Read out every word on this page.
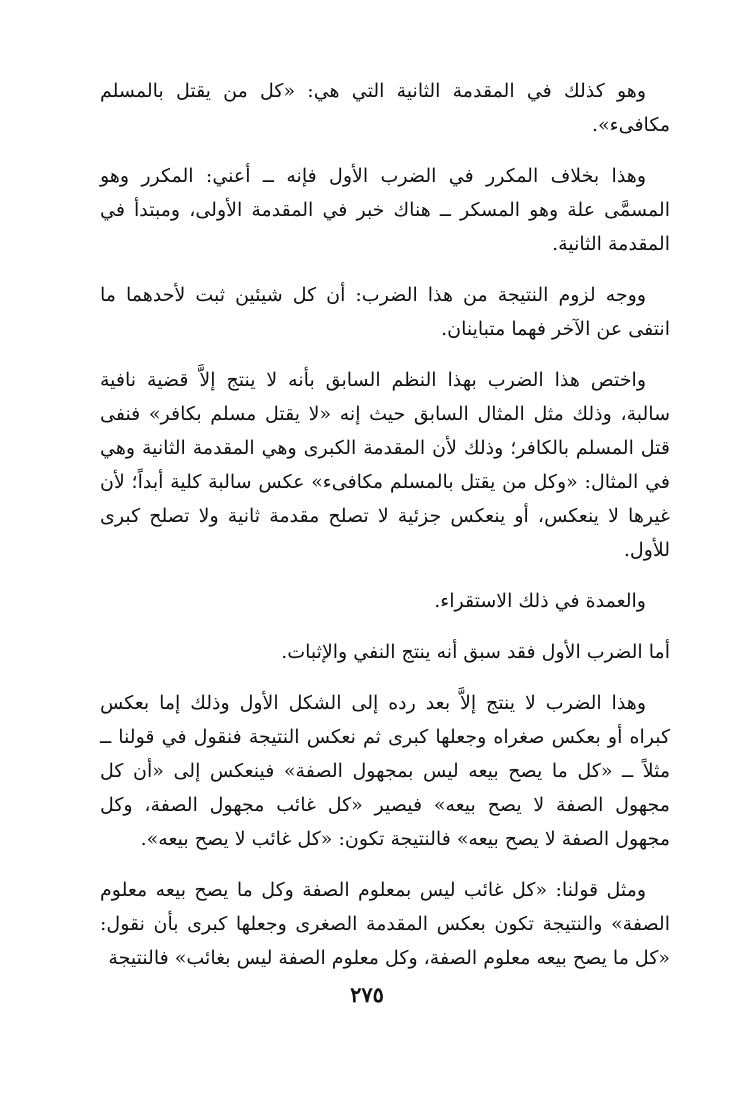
وهو كذلك في المقدمة الثانية التي هي: «كل من يقتل بالمسلم مكافىء».

وهذا بخلاف المكرر في الضرب الأول فإنه ــ أعني: المكرر وهو المسمَّى علة وهو المسكر ــ هناك خبر في المقدمة الأولى، ومبتدأ في المقدمة الثانية.

ووجه لزوم النتيجة من هذا الضرب: أن كل شيئين ثبت لأحدهما ما انتفى عن الآخر فهما متباينان.

واختص هذا الضرب بهذا النظم السابق بأنه لا ينتج إلاَّ قضية نافية سالبة، وذلك مثل المثال السابق حيث إنه «لا يقتل مسلم بكافر» فنفى قتل المسلم بالكافر؛ وذلك لأن المقدمة الكبرى وهي المقدمة الثانية وهي في المثال: «وكل من يقتل بالمسلم مكافىء» عكس سالبة كلية أبداً؛ لأن غيرها لا ينعكس، أو ينعكس جزئية لا تصلح مقدمة ثانية ولا تصلح كبرى للأول.

والعمدة في ذلك الاستقراء.

أما الضرب الأول فقد سبق أنه ينتج النفي والإثبات.

وهذا الضرب لا ينتج إلاَّ بعد رده إلى الشكل الأول وذلك إما بعكس كبراه أو بعكس صغراه وجعلها كبرى ثم نعكس النتيجة فنقول في قولنا ــ مثلاً ــ «كل ما يصح بيعه ليس بمجهول الصفة» فينعكس إلى «أن كل مجهول الصفة لا يصح بيعه» فيصير «كل غائب مجهول الصفة، وكل مجهول الصفة لا يصح بيعه» فالنتيجة تكون: «كل غائب لا يصح بيعه».

ومثل قولنا: «كل غائب ليس بمعلوم الصفة وكل ما يصح بيعه معلوم الصفة» والنتيجة تكون بعكس المقدمة الصغرى وجعلها كبرى بأن نقول: «كل ما يصح بيعه معلوم الصفة، وكل معلوم الصفة ليس بغائب» فالنتيجة

٢٧٥
